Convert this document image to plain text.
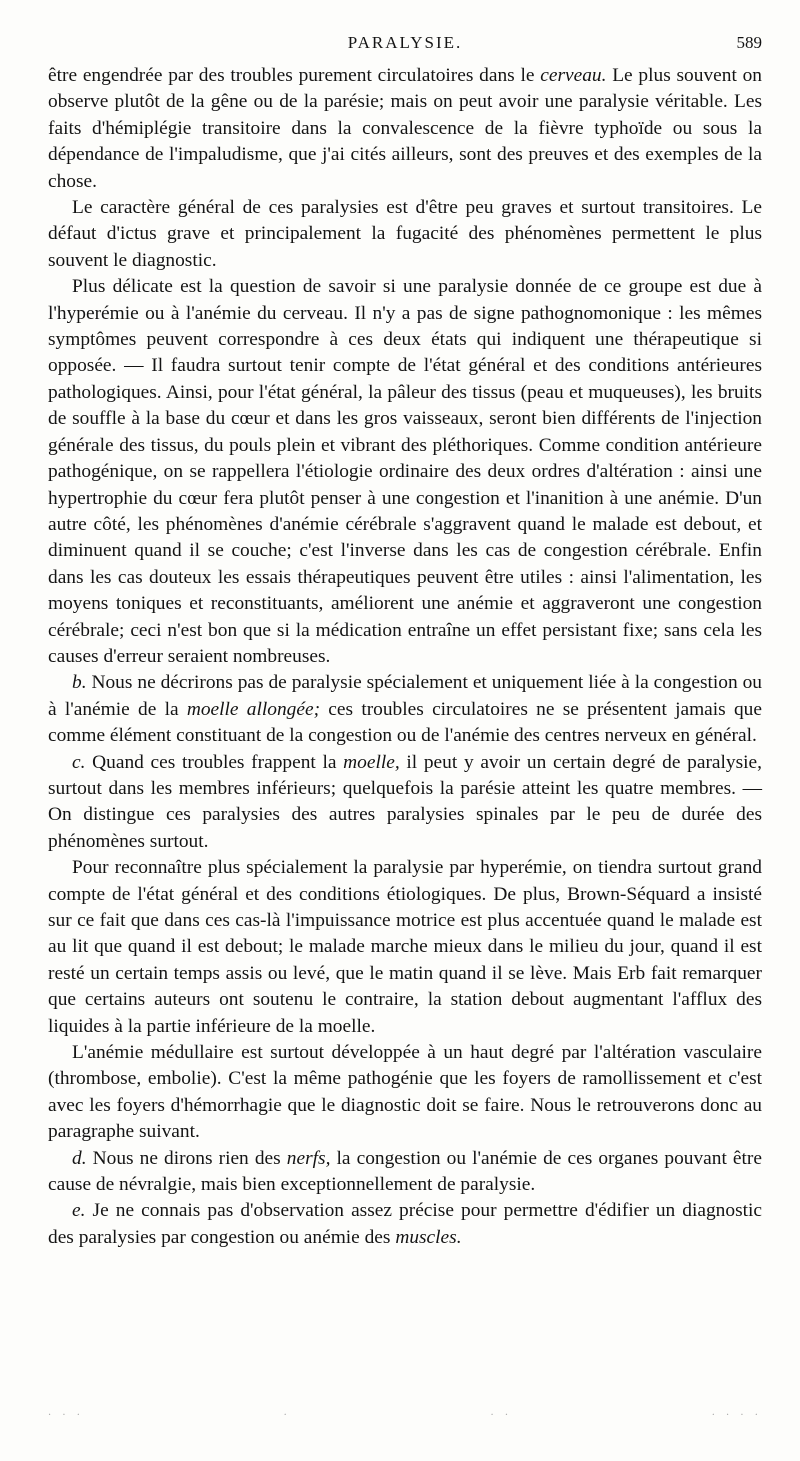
PARALYSIE.	589

être engendrée par des troubles purement circulatoires dans le cerveau. Le plus souvent on observe plutôt de la gêne ou de la parésie; mais on peut avoir une paralysie véritable. Les faits d'hémiplégie transitoire dans la convalescence de la fièvre typhoïde ou sous la dépendance de l'impaludisme, que j'ai cités ailleurs, sont des preuves et des exemples de la chose.

Le caractère général de ces paralysies est d'être peu graves et surtout transitoires. Le défaut d'ictus grave et principalement la fugacité des phénomènes permettent le plus souvent le diagnostic.

Plus délicate est la question de savoir si une paralysie donnée de ce groupe est due à l'hyperémie ou à l'anémie du cerveau. Il n'y a pas de signe pathognomonique : les mêmes symptômes peuvent correspondre à ces deux états qui indiquent une thérapeutique si opposée. — Il faudra surtout tenir compte de l'état général et des conditions antérieures pathologiques. Ainsi, pour l'état général, la pâleur des tissus (peau et muqueuses), les bruits de souffle à la base du cœur et dans les gros vaisseaux, seront bien différents de l'injection générale des tissus, du pouls plein et vibrant des pléthoriques. Comme condition antérieure pathogénique, on se rappellera l'étiologie ordinaire des deux ordres d'altération : ainsi une hypertrophie du cœur fera plutôt penser à une congestion et l'inanition à une anémie. D'un autre côté, les phénomènes d'anémie cérébrale s'aggravent quand le malade est debout, et diminuent quand il se couche; c'est l'inverse dans les cas de congestion cérébrale. Enfin dans les cas douteux les essais thérapeutiques peuvent être utiles : ainsi l'alimentation, les moyens toniques et reconstituants, améliorent une anémie et aggraveront une congestion cérébrale; ceci n'est bon que si la médication entraîne un effet persistant fixe; sans cela les causes d'erreur seraient nombreuses.

b. Nous ne décrirons pas de paralysie spécialement et uniquement liée à la congestion ou à l'anémie de la moelle allongée; ces troubles circulatoires ne se présentent jamais que comme élément constituant de la congestion ou de l'anémie des centres nerveux en général.

c. Quand ces troubles frappent la moelle, il peut y avoir un certain degré de paralysie, surtout dans les membres inférieurs; quelquefois la parésie atteint les quatre membres. — On distingue ces paralysies des autres paralysies spinales par le peu de durée des phénomènes surtout.

Pour reconnaître plus spécialement la paralysie par hyperémie, on tiendra surtout grand compte de l'état général et des conditions étiologiques. De plus, Brown-Séquard a insisté sur ce fait que dans ces cas-là l'impuissance motrice est plus accentuée quand le malade est au lit que quand il est debout; le malade marche mieux dans le milieu du jour, quand il est resté un certain temps assis ou levé, que le matin quand il se lève. Mais Erb fait remarquer que certains auteurs ont soutenu le contraire, la station debout augmentant l'afflux des liquides à la partie inférieure de la moelle.

L'anémie médullaire est surtout développée à un haut degré par l'altération vasculaire (thrombose, embolie). C'est la même pathogénie que les foyers de ramollissement et c'est avec les foyers d'hémorrhagie que le diagnostic doit se faire. Nous le retrouverons donc au paragraphe suivant.

d. Nous ne dirons rien des nerfs, la congestion ou l'anémie de ces organes pouvant être cause de névralgie, mais bien exceptionnellement de paralysie.

e. Je ne connais pas d'observation assez précise pour permettre d'édifier un diagnostic des paralysies par congestion ou anémie des muscles.

· · ·	·	· ·	· · · ·
